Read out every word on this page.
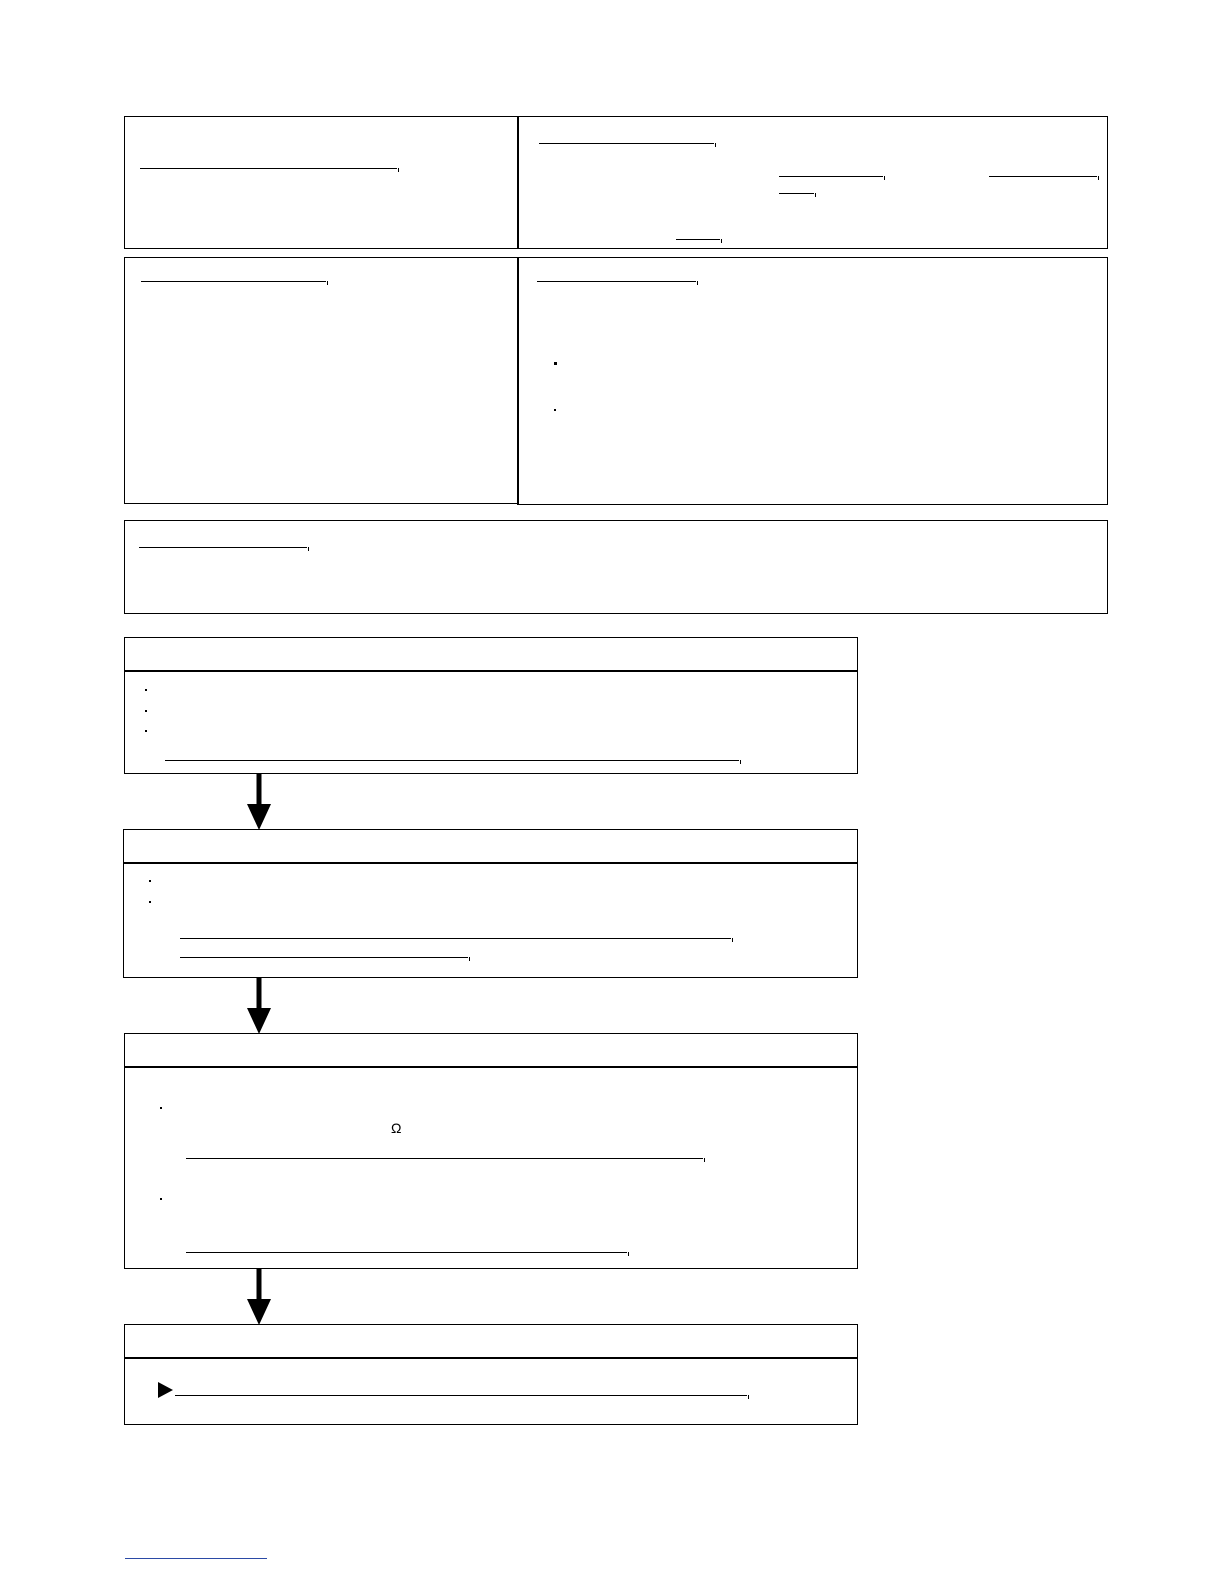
Ω
